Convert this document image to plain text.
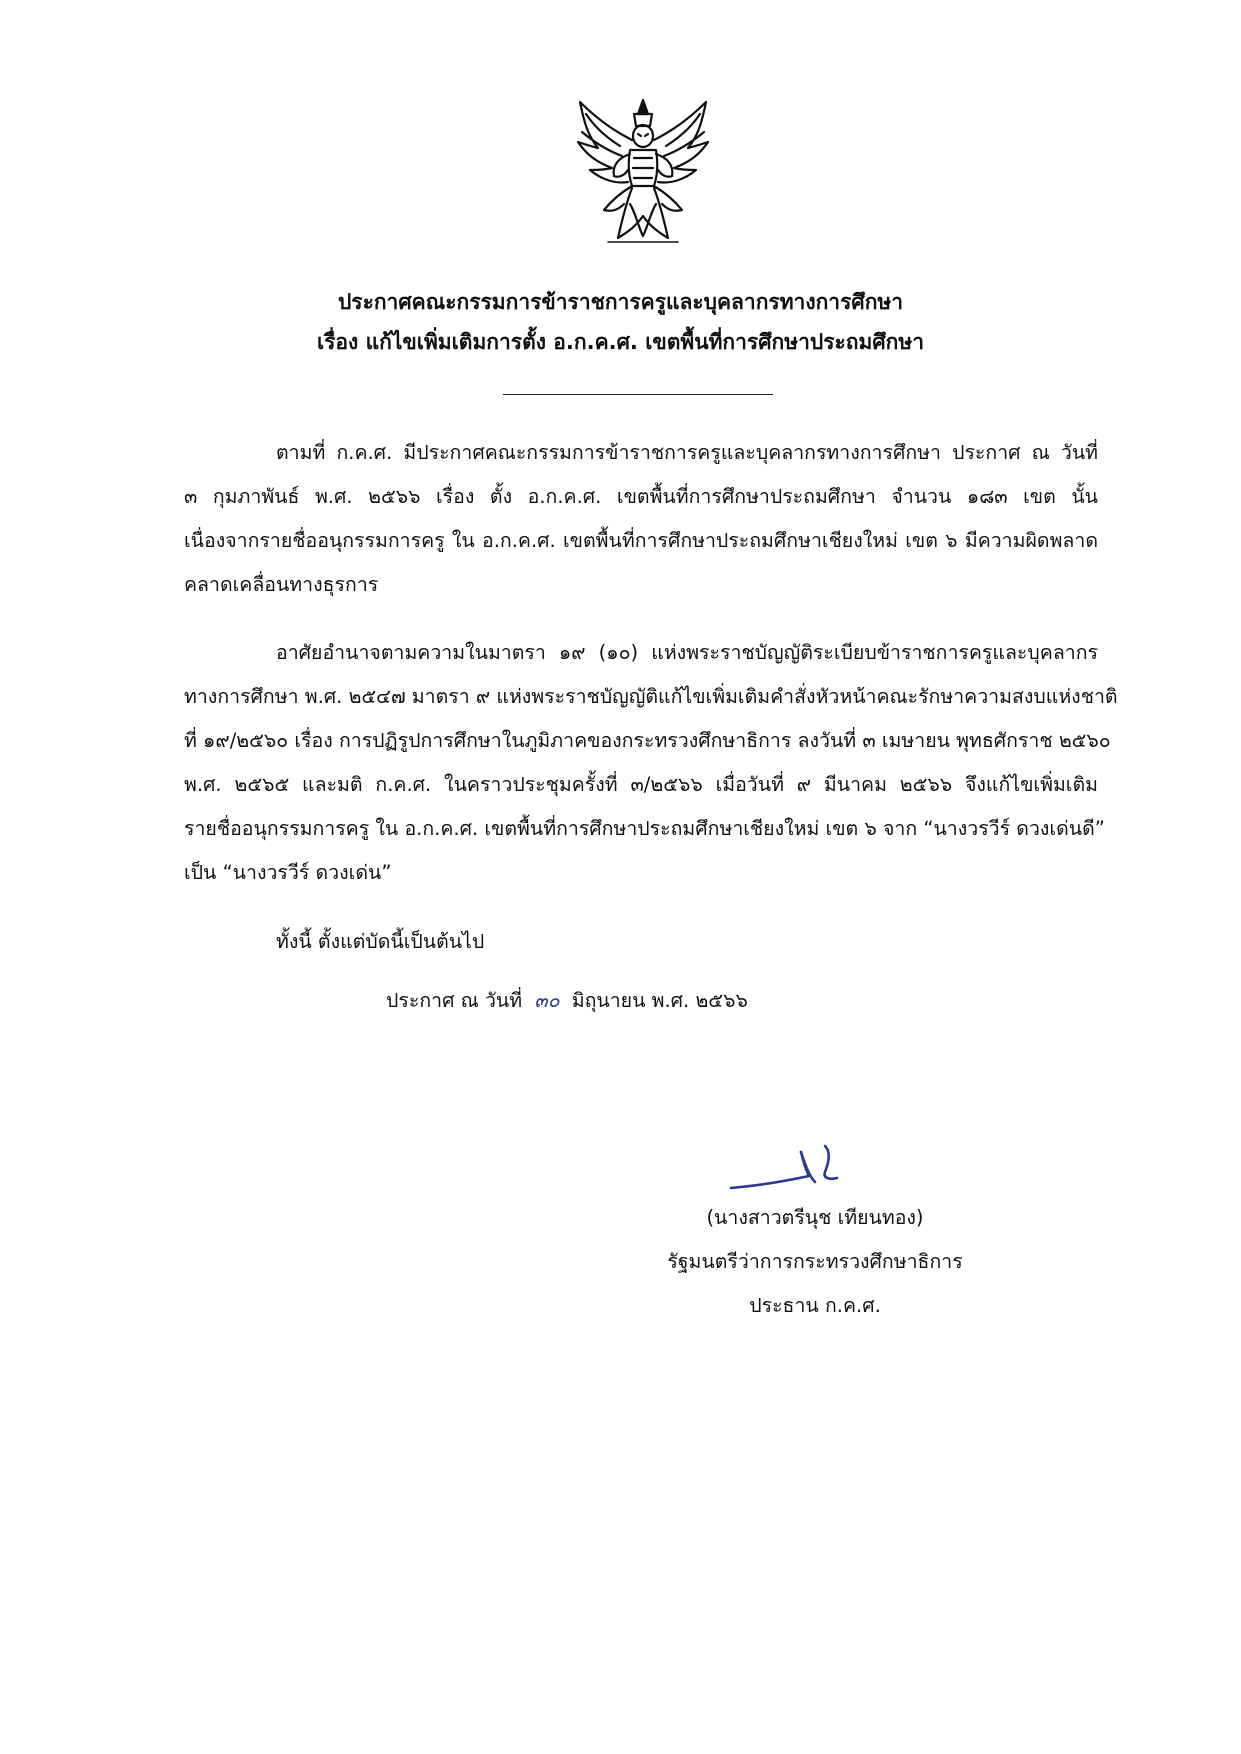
ประกาศคณะกรรมการข้าราชการครูและบุคลากรทางการศึกษา
เรื่อง แก้ไขเพิ่มเติมการตั้ง อ.ก.ค.ศ. เขตพื้นที่การศึกษาประถมศึกษา
ตามที่ ก.ค.ศ. มีประกาศคณะกรรมการข้าราชการครูและบุคลากรทางการศึกษา ประกาศ ณ วันที่
๓ กุมภาพันธ์ พ.ศ. ๒๕๖๖ เรื่อง ตั้ง อ.ก.ค.ศ. เขตพื้นที่การศึกษาประถมศึกษา จำนวน ๑๘๓ เขต นั้น
เนื่องจากรายชื่ออนุกรรมการครู ใน อ.ก.ค.ศ. เขตพื้นที่การศึกษาประถมศึกษาเชียงใหม่ เขต ๖ มีความผิดพลาด
คลาดเคลื่อนทางธุรการ
อาศัยอำนาจตามความในมาตรา ๑๙ (๑๐) แห่งพระราชบัญญัติระเบียบข้าราชการครูและบุคลากร
ทางการศึกษา พ.ศ. ๒๕๔๗ มาตรา ๙ แห่งพระราชบัญญัติแก้ไขเพิ่มเติมคำสั่งหัวหน้าคณะรักษาความสงบแห่งชาติ
ที่ ๑๙/๒๕๖๐ เรื่อง การปฏิรูปการศึกษาในภูมิภาคของกระทรวงศึกษาธิการ ลงวันที่ ๓ เมษายน พุทธศักราช ๒๕๖๐
พ.ศ. ๒๕๖๕ และมติ ก.ค.ศ. ในคราวประชุมครั้งที่ ๓/๒๕๖๖ เมื่อวันที่ ๙ มีนาคม ๒๕๖๖ จึงแก้ไขเพิ่มเติม
รายชื่ออนุกรรมการครู ใน อ.ก.ค.ศ. เขตพื้นที่การศึกษาประถมศึกษาเชียงใหม่ เขต ๖ จาก “นางวรวีร์ ดวงเด่นดี”
เป็น “นางวรวีร์ ดวงเด่น”
ทั้งนี้ ตั้งแต่บัดนี้เป็นต้นไป
ประกาศ ณ วันที่ ๓๐ มิถุนายน พ.ศ. ๒๕๖๖
(นางสาวตรีนุช เทียนทอง)
รัฐมนตรีว่าการกระทรวงศึกษาธิการ
ประธาน ก.ค.ศ.
